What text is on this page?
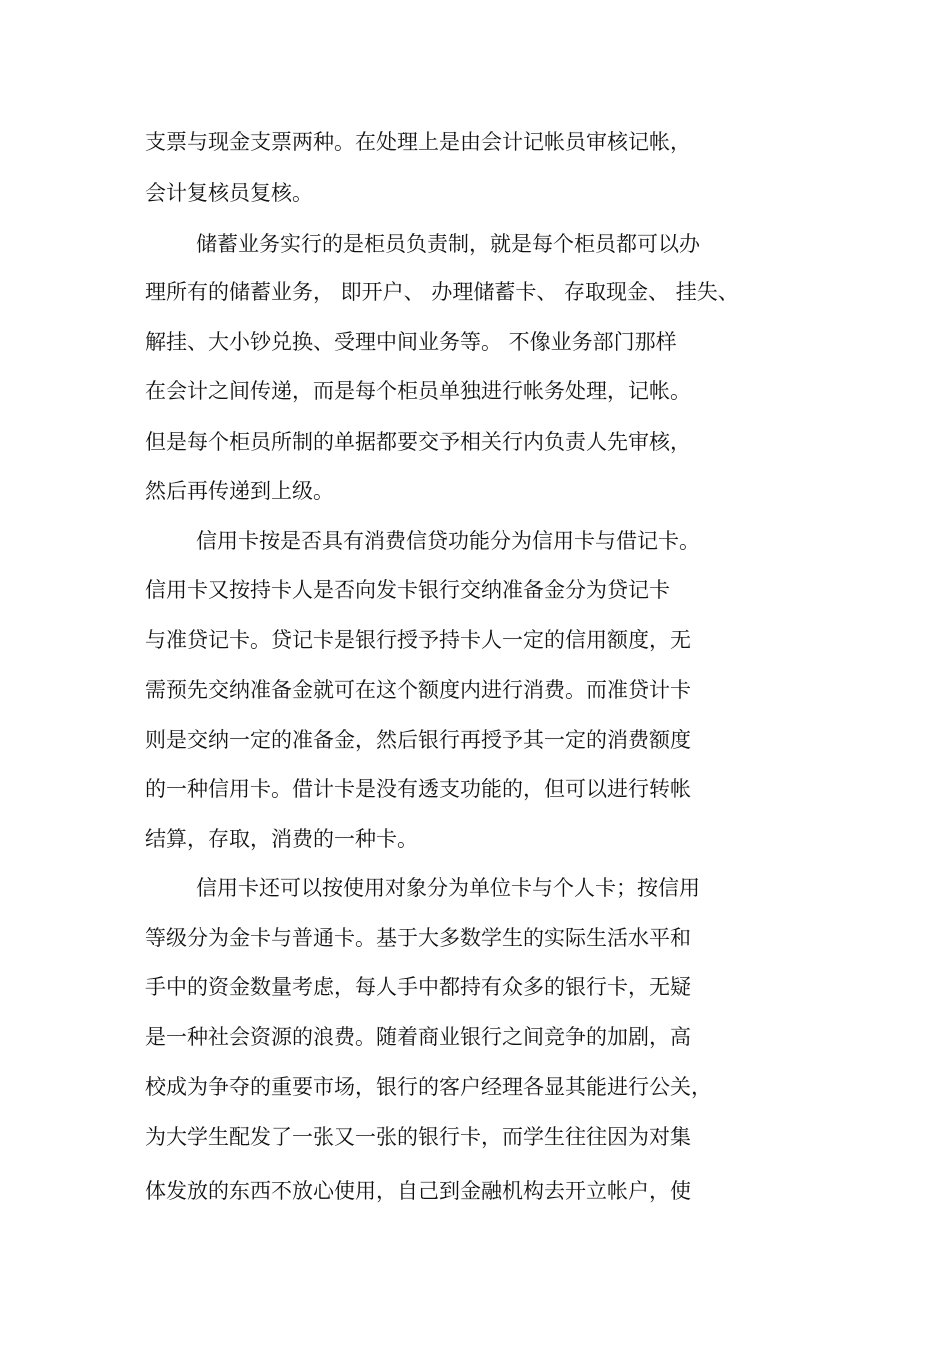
支票与现金支票两种。在处理上是由会计记帐员审核记帐，
会计复核员复核。
储蓄业务实行的是柜员负责制，就是每个柜员都可以办
理所有的储蓄业务， 即开户、 办理储蓄卡、 存取现金、 挂失、
解挂、大小钞兑换、受理中间业务等。 不像业务部门那样
在会计之间传递，而是每个柜员单独进行帐务处理，记帐。
但是每个柜员所制的单据都要交予相关行内负责人先审核，
然后再传递到上级。
信用卡按是否具有消费信贷功能分为信用卡与借记卡。
信用卡又按持卡人是否向发卡银行交纳准备金分为贷记卡
与准贷记卡。贷记卡是银行授予持卡人一定的信用额度，无
需预先交纳准备金就可在这个额度内进行消费。而准贷计卡
则是交纳一定的准备金，然后银行再授予其一定的消费额度
的一种信用卡。借计卡是没有透支功能的，但可以进行转帐
结算，存取，消费的一种卡。
信用卡还可以按使用对象分为单位卡与个人卡；按信用
等级分为金卡与普通卡。基于大多数学生的实际生活水平和
手中的资金数量考虑，每人手中都持有众多的银行卡，无疑
是一种社会资源的浪费。随着商业银行之间竞争的加剧，高
校成为争夺的重要市场，银行的客户经理各显其能进行公关，
为大学生配发了一张又一张的银行卡，而学生往往因为对集
体发放的东西不放心使用，自己到金融机构去开立帐户，使
